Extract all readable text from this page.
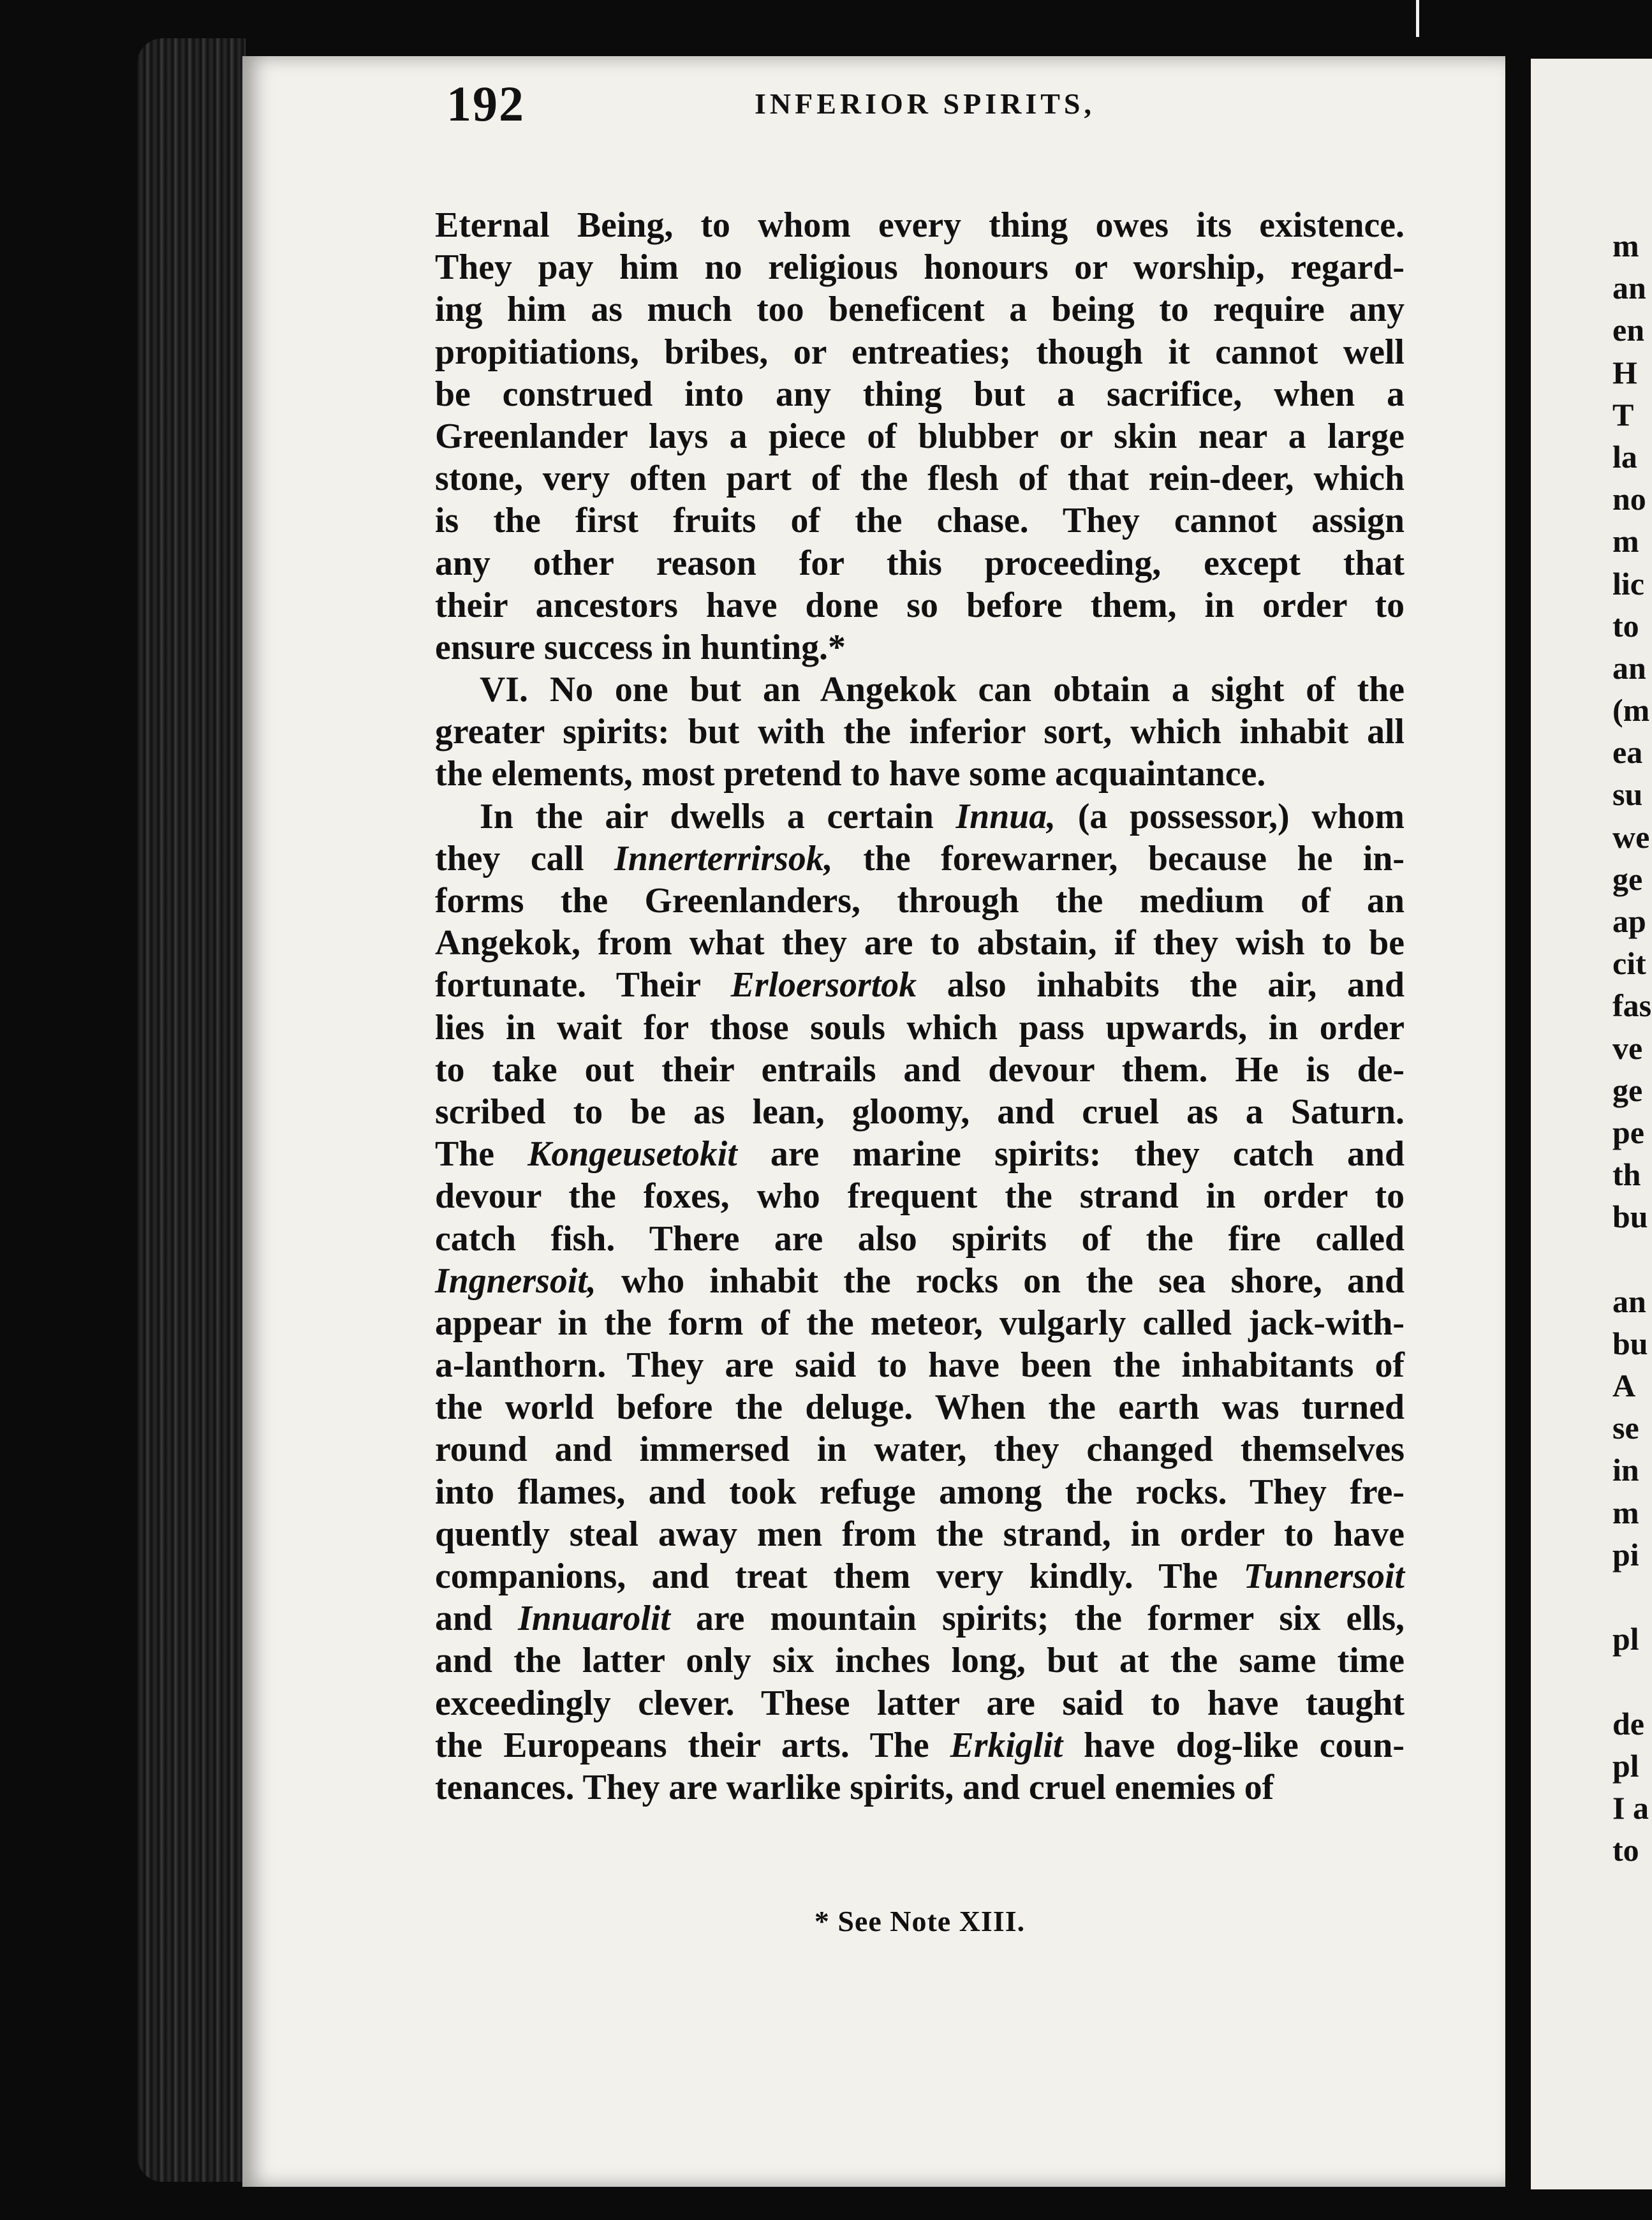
192	INFERIOR SPIRITS,
Eternal Being, to whom every thing owes its existence.
They pay him no religious honours or worship, regard-
ing him as much too beneficent a being to require any
propitiations, bribes, or entreaties; though it cannot well
be construed into any thing but a sacrifice, when a
Greenlander lays a piece of blubber or skin near a large
stone, very often part of the flesh of that rein-deer, which
is the first fruits of the chase. They cannot assign
any other reason for this proceeding, except that
their ancestors have done so before them, in order to
ensure success in hunting.*
VI. No one but an Angekok can obtain a sight of the
greater spirits: but with the inferior sort, which inhabit all
the elements, most pretend to have some acquaintance.
In the air dwells a certain Innua, (a possessor,) whom
they call Innerterrirsok, the forewarner, because he in-
forms the Greenlanders, through the medium of an
Angekok, from what they are to abstain, if they wish to be
fortunate. Their Erloersortok also inhabits the air, and
lies in wait for those souls which pass upwards, in order
to take out their entrails and devour them. He is de-
scribed to be as lean, gloomy, and cruel as a Saturn.
The Kongeusetokit are marine spirits: they catch and
devour the foxes, who frequent the strand in order to
catch fish. There are also spirits of the fire called
Ingnersoit, who inhabit the rocks on the sea shore, and
appear in the form of the meteor, vulgarly called jack-with-
a-lanthorn. They are said to have been the inhabitants of
the world before the deluge. When the earth was turned
round and immersed in water, they changed themselves
into flames, and took refuge among the rocks. They fre-
quently steal away men from the strand, in order to have
companions, and treat them very kindly. The Tunnersoit
and Innuarolit are mountain spirits; the former six ells,
and the latter only six inches long, but at the same time
exceedingly clever. These latter are said to have taught
the Europeans their arts. The Erkiglit have dog-like coun-
tenances. They are warlike spirits, and cruel enemies of
* See Note XIII.
m
an
en
H
T
la
no
m
lic
to
an
(m
ea
su
we
ge
ap
cit
fas
ve
ge
pe
th
bu
an
bu
A
se
in
m
pi
pl
de
pl
I a
to
